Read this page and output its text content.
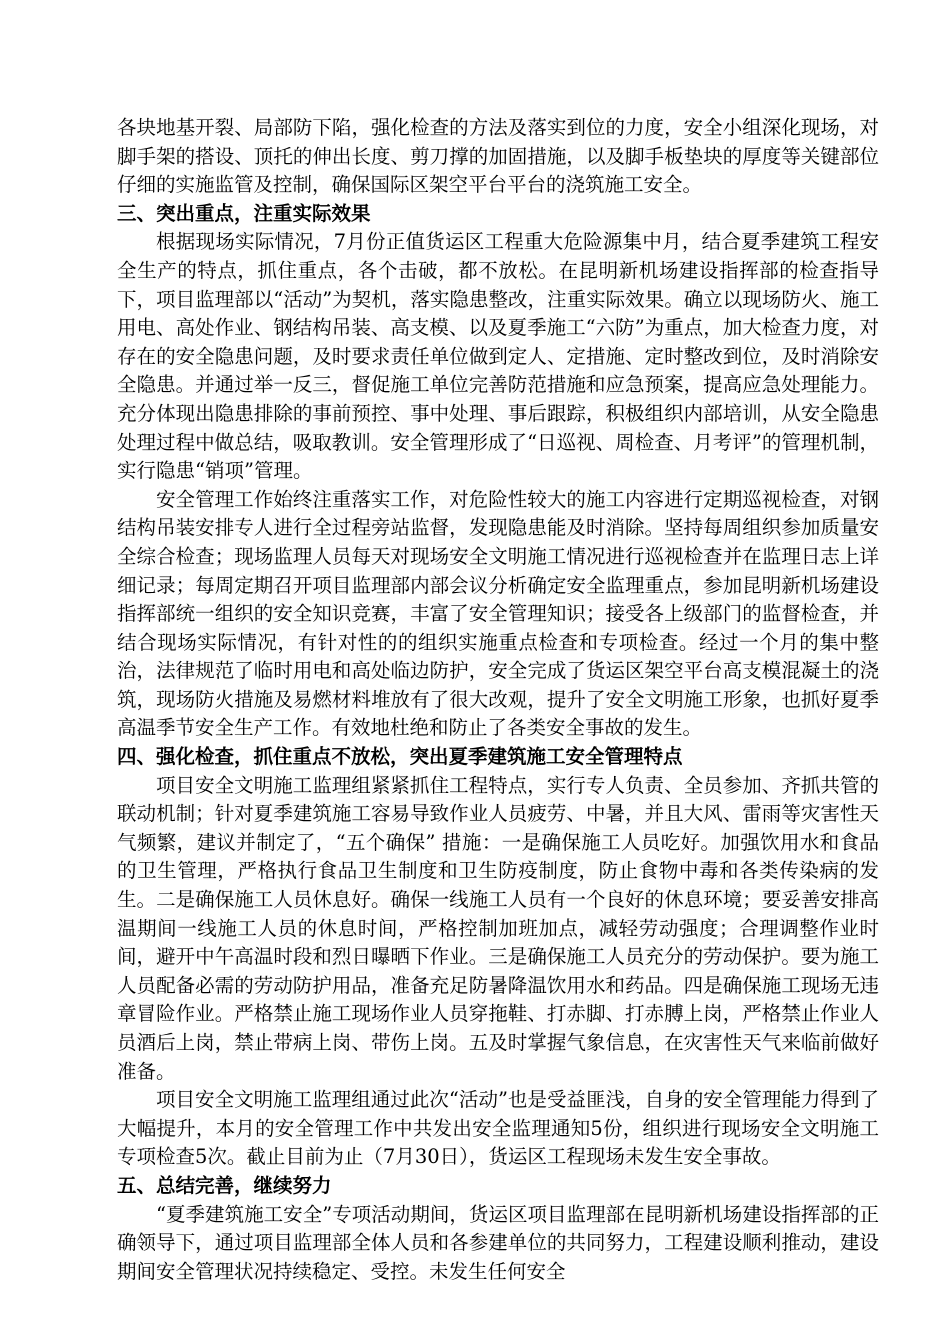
各块地基开裂、局部防下陷，强化检查的方法及落实到位的力度，安全小组深化现场，对脚手架的搭设、顶托的伸出长度、剪刀撑的加固措施，以及脚手板垫块的厚度等关键部位仔细的实施监管及控制，确保国际区架空平台平台的浇筑施工安全。

三、突出重点，注重实际效果

根据现场实际情况，7月份正值货运区工程重大危险源集中月，结合夏季建筑工程安全生产的特点，抓住重点，各个击破，都不放松。在昆明新机场建设指挥部的检查指导下，项目监理部以“活动”为契机，落实隐患整改，注重实际效果。确立以现场防火、施工用电、高处作业、钢结构吊装、高支模、以及夏季施工“六防”为重点，加大检查力度，对存在的安全隐患问题，及时要求责任单位做到定人、定措施、定时整改到位，及时消除安全隐患。并通过举一反三，督促施工单位完善防范措施和应急预案，提高应急处理能力。充分体现出隐患排除的事前预控、事中处理、事后跟踪，积极组织内部培训，从安全隐患处理过程中做总结，吸取教训。安全管理形成了“日巡视、周检查、月考评”的管理机制，实行隐患“销项”管理。

安全管理工作始终注重落实工作，对危险性较大的施工内容进行定期巡视检查，对钢结构吊装安排专人进行全过程旁站监督，发现隐患能及时消除。坚持每周组织参加质量安全综合检查；现场监理人员每天对现场安全文明施工情况进行巡视检查并在监理日志上详细记录；每周定期召开项目监理部内部会议分析确定安全监理重点，参加昆明新机场建设指挥部统一组织的安全知识竞赛，丰富了安全管理知识；接受各上级部门的监督检查，并结合现场实际情况，有针对性的的组织实施重点检查和专项检查。经过一个月的集中整治，法律规范了临时用电和高处临边防护，安全完成了货运区架空平台高支模混凝土的浇筑，现场防火措施及易燃材料堆放有了很大改观，提升了安全文明施工形象，也抓好夏季高温季节安全生产工作。有效地杜绝和防止了各类安全事故的发生。

四、强化检查，抓住重点不放松，突出夏季建筑施工安全管理特点

项目安全文明施工监理组紧紧抓住工程特点，实行专人负责、全员参加、齐抓共管的联动机制；针对夏季建筑施工容易导致作业人员疲劳、中暑，并且大风、雷雨等灾害性天气频繁，建议并制定了，“五个确保” 措施：一是确保施工人员吃好。加强饮用水和食品的卫生管理，严格执行食品卫生制度和卫生防疫制度，防止食物中毒和各类传染病的发生。二是确保施工人员休息好。确保一线施工人员有一个良好的休息环境；要妥善安排高温期间一线施工人员的休息时间，严格控制加班加点，减轻劳动强度；合理调整作业时间，避开中午高温时段和烈日曝晒下作业。三是确保施工人员充分的劳动保护。要为施工人员配备必需的劳动防护用品，准备充足防暑降温饮用水和药品。四是确保施工现场无违章冒险作业。严格禁止施工现场作业人员穿拖鞋、打赤脚、打赤膊上岗，严格禁止作业人员酒后上岗，禁止带病上岗、带伤上岗。五及时掌握气象信息，在灾害性天气来临前做好准备。

项目安全文明施工监理组通过此次“活动”也是受益匪浅，自身的安全管理能力得到了大幅提升，本月的安全管理工作中共发出安全监理通知5份，组织进行现场安全文明施工专项检查5次。截止目前为止（7月30日），货运区工程现场未发生安全事故。

五、总结完善，继续努力

“夏季建筑施工安全”专项活动期间，货运区项目监理部在昆明新机场建设指挥部的正确领导下，通过项目监理部全体人员和各参建单位的共同努力，工程建设顺利推动，建设期间安全管理状况持续稳定、受控。未发生任何安全
